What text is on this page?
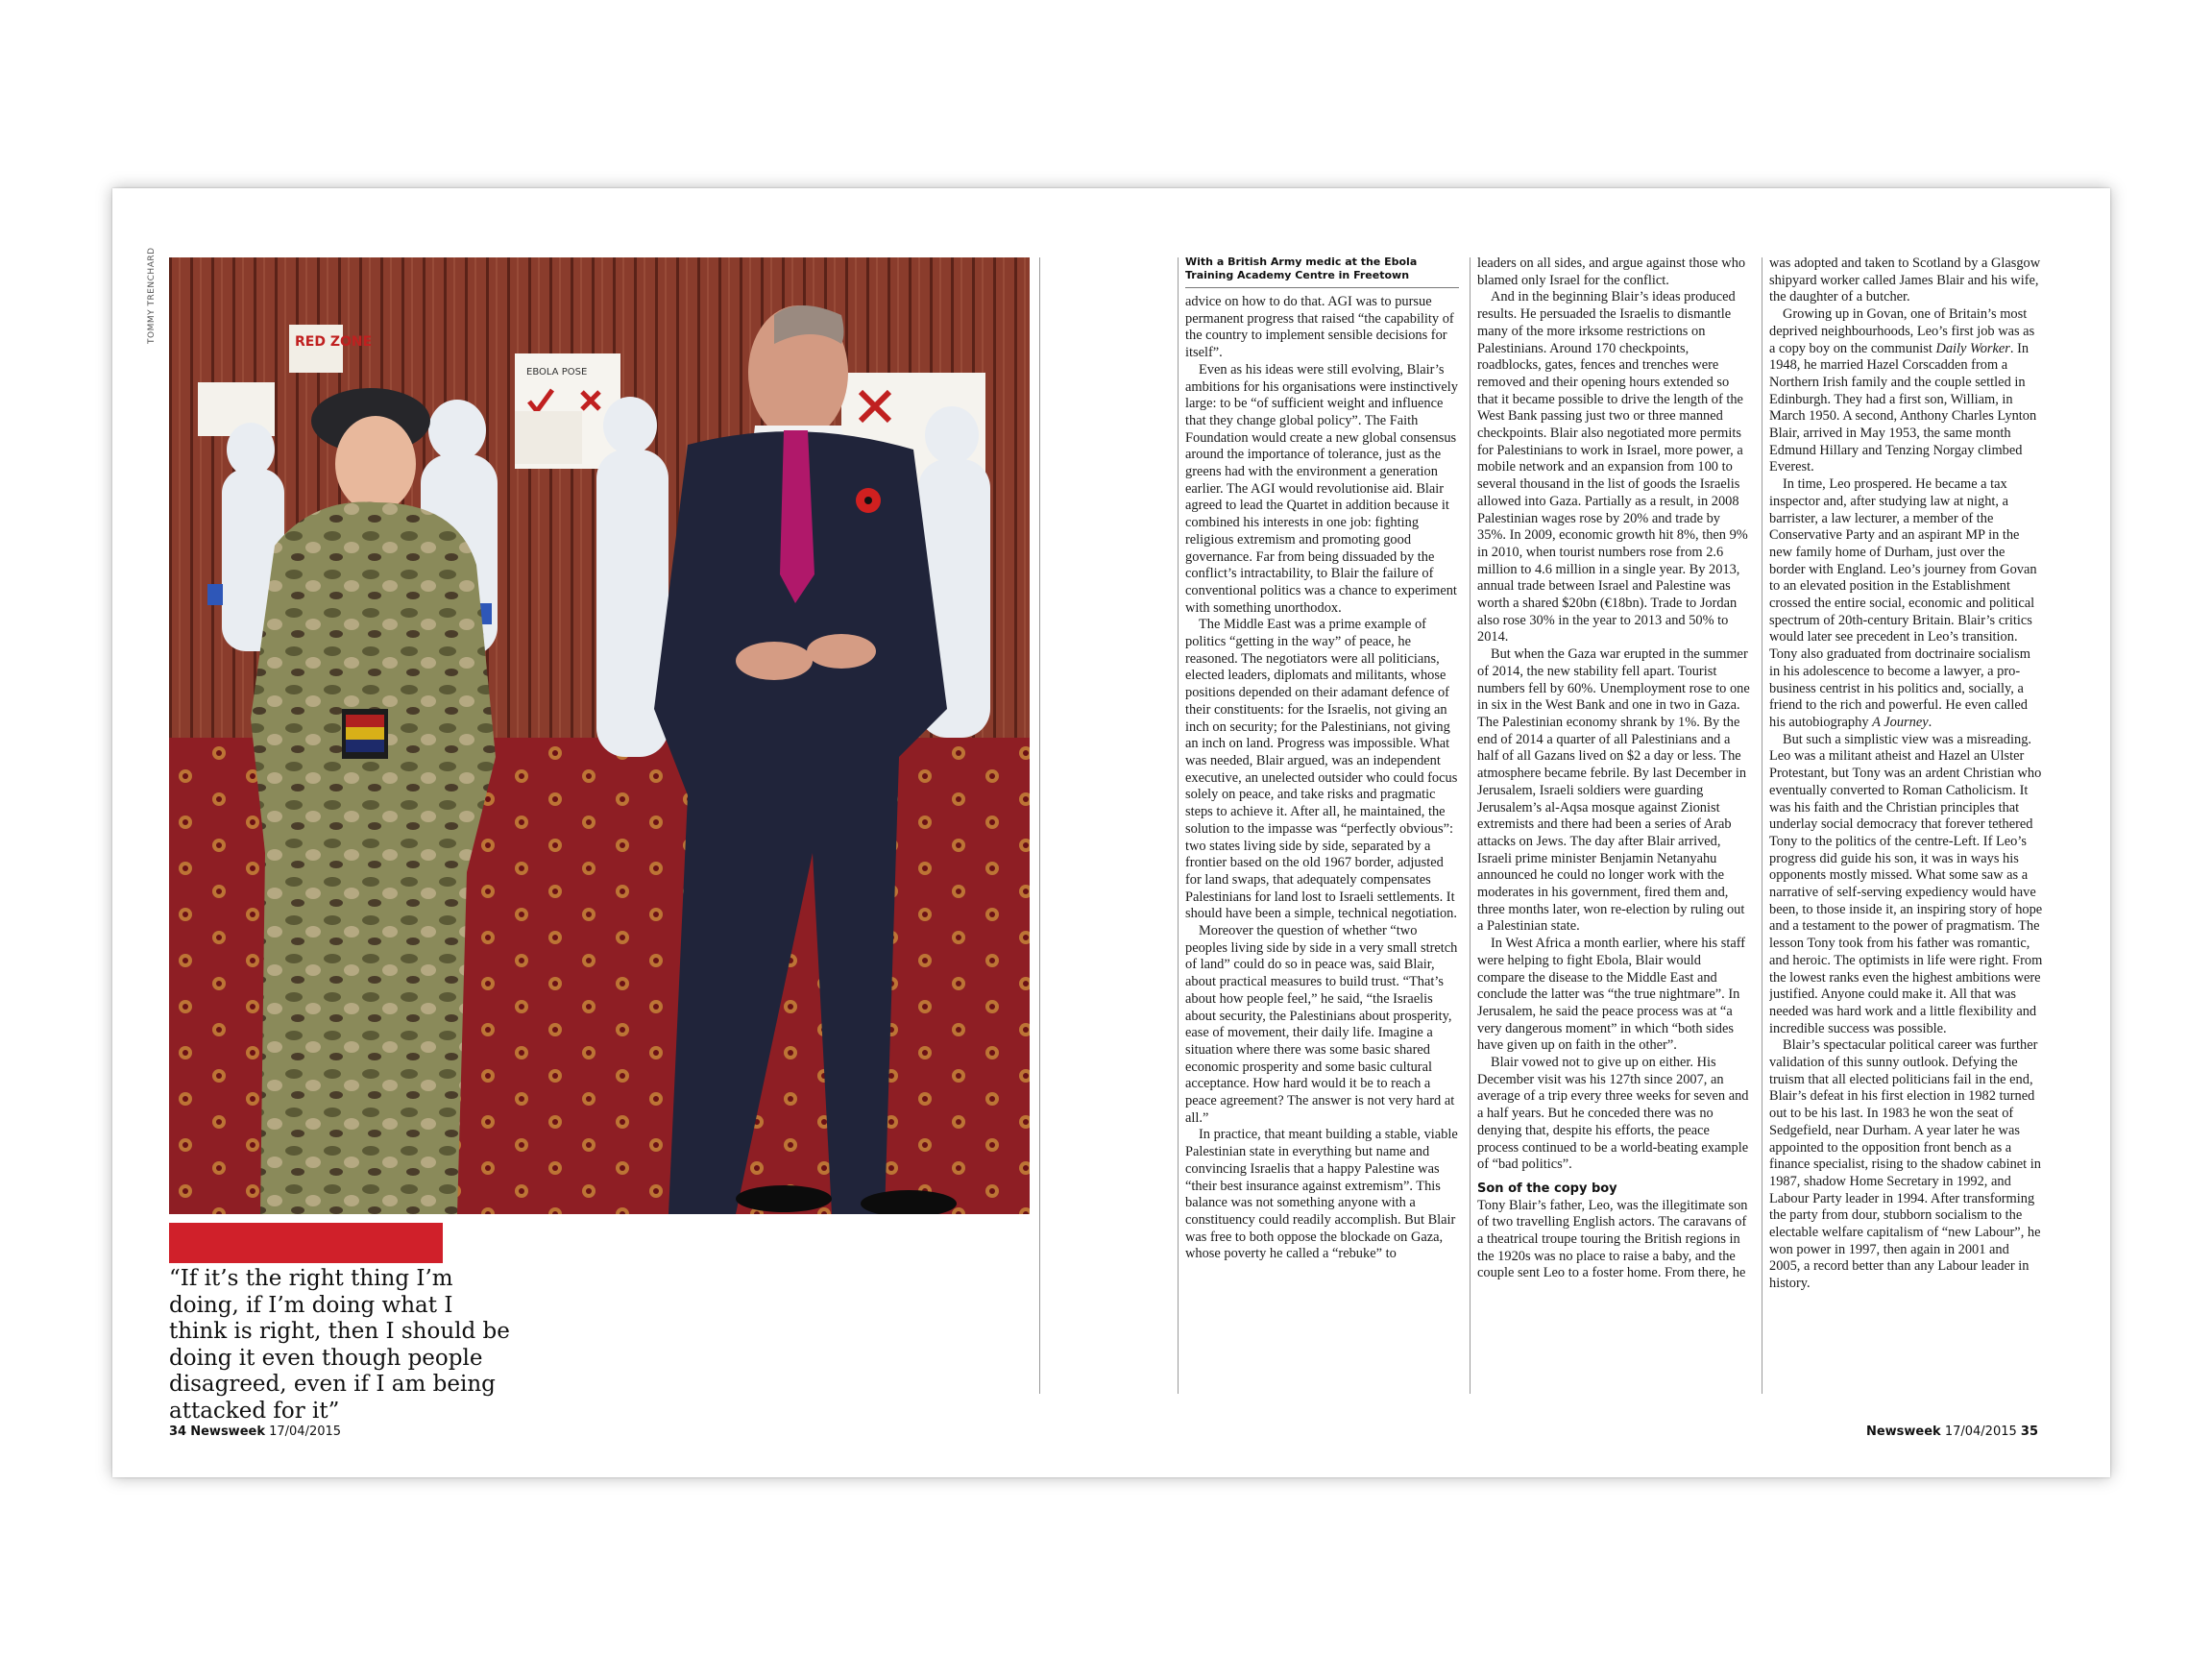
TOMMY TRENCHARD	RED ZONE
EBOLA POSE

“If it’s the right thing I’m doing, if I’m doing what I think is right, then I should be doing it even though people disagreed, even if I am being attacked for it”

With a British Army medic at the Ebola Training Academy Centre in Freetown

advice on how to do that. AGI was to pursue permanent progress that raised “the capability of the country to implement sensible decisions for itself”.

Even as his ideas were still evolving, Blair’s ambitions for his organisations were instinctively large: to be “of sufficient weight and influence that they change global policy”. The Faith Foundation would create a new global consensus around the importance of tolerance, just as the greens had with the environment a generation earlier. The AGI would revolutionise aid. Blair agreed to lead the Quartet in addition because it combined his interests in one job: fighting religious extremism and promoting good governance. Far from being dissuaded by the conflict’s intractability, to Blair the failure of conventional politics was a chance to experiment with something unorthodox.

The Middle East was a prime example of politics “getting in the way” of peace, he reasoned. The negotiators were all politicians, elected leaders, diplomats and militants, whose positions depended on their adamant defence of their constituents: for the Israelis, not giving an inch on security; for the Palestinians, not giving an inch on land. Progress was impossible. What was needed, Blair argued, was an independent executive, an unelected outsider who could focus solely on peace, and take risks and pragmatic steps to achieve it. After all, he maintained, the solution to the impasse was “perfectly obvious”: two states living side by side, separated by a frontier based on the old 1967 border, adjusted for land swaps, that adequately compensates Palestinians for land lost to Israeli settlements. It should have been a simple, technical negotiation.

Moreover the question of whether “two peoples living side by side in a very small stretch of land” could do so in peace was, said Blair, about practical measures to build trust. “That’s about how people feel,” he said, “the Israelis about security, the Palestinians about prosperity, ease of movement, their daily life. Imagine a situation where there was some basic shared economic prosperity and some basic cultural acceptance. How hard would it be to reach a peace agreement? The answer is not very hard at all.”

In practice, that meant building a stable, viable Palestinian state in everything but name and convincing Israelis that a happy Palestine was “their best insurance against extremism”. This balance was not something anyone with a constituency could readily accomplish. But Blair was free to both oppose the blockade on Gaza, whose poverty he called a “rebuke” to

leaders on all sides, and argue against those who blamed only Israel for the conflict.

And in the beginning Blair’s ideas produced results. He persuaded the Israelis to dismantle many of the more irksome restrictions on Palestinians. Around 170 checkpoints, roadblocks, gates, fences and trenches were removed and their opening hours extended so that it became possible to drive the length of the West Bank passing just two or three manned checkpoints. Blair also negotiated more permits for Palestinians to work in Israel, more power, a mobile network and an expansion from 100 to several thousand in the list of goods the Israelis allowed into Gaza. Partially as a result, in 2008 Palestinian wages rose by 20% and trade by 35%. In 2009, economic growth hit 8%, then 9% in 2010, when tourist numbers rose from 2.6 million to 4.6 million in a single year. By 2013, annual trade between Israel and Palestine was worth a shared $20bn (€18bn). Trade to Jordan also rose 30% in the year to 2013 and 50% to 2014.

But when the Gaza war erupted in the summer of 2014, the new stability fell apart. Tourist numbers fell by 60%. Unemployment rose to one in six in the West Bank and one in two in Gaza. The Palestinian economy shrank by 1%. By the end of 2014 a quarter of all Palestinians and a half of all Gazans lived on $2 a day or less. The atmosphere became febrile. By last December in Jerusalem, Israeli soldiers were guarding Jerusalem’s al-Aqsa mosque against Zionist extremists and there had been a series of Arab attacks on Jews. The day after Blair arrived, Israeli prime minister Benjamin Netanyahu announced he could no longer work with the moderates in his government, fired them and, three months later, won re-election by ruling out a Palestinian state.

In West Africa a month earlier, where his staff were helping to fight Ebola, Blair would compare the disease to the Middle East and conclude the latter was “the true nightmare”. In Jerusalem, he said the peace process was at “a very dangerous moment” in which “both sides have given up on faith in the other”.

Blair vowed not to give up on either. His December visit was his 127th since 2007, an average of a trip every three weeks for seven and a half years. But he conceded there was no denying that, despite his efforts, the peace process continued to be a world-beating example of “bad politics”.

Son of the copy boy

Tony Blair’s father, Leo, was the illegitimate son of two travelling English actors. The caravans of a theatrical troupe touring the British regions in the 1920s was no place to raise a baby, and the couple sent Leo to a foster home. From there, he

was adopted and taken to Scotland by a Glasgow shipyard worker called James Blair and his wife, the daughter of a butcher.

Growing up in Govan, one of Britain’s most deprived neighbourhoods, Leo’s first job was as a copy boy on the communist Daily Worker. In 1948, he married Hazel Corscadden from a Northern Irish family and the couple settled in Edinburgh. They had a first son, William, in March 1950. A second, Anthony Charles Lynton Blair, arrived in May 1953, the same month Edmund Hillary and Tenzing Norgay climbed Everest.

In time, Leo prospered. He became a tax inspector and, after studying law at night, a barrister, a law lecturer, a member of the Conservative Party and an aspirant MP in the new family home of Durham, just over the border with England. Leo’s journey from Govan to an elevated position in the Establishment crossed the entire social, economic and political spectrum of 20th-century Britain. Blair’s critics would later see precedent in Leo’s transition. Tony also graduated from doctrinaire socialism in his adolescence to become a lawyer, a pro-business centrist in his politics and, socially, a friend to the rich and powerful. He even called his autobiography A Journey.

But such a simplistic view was a misreading. Leo was a militant atheist and Hazel an Ulster Protestant, but Tony was an ardent Christian who eventually converted to Roman Catholicism. It was his faith and the Christian principles that underlay social democracy that forever tethered Tony to the politics of the centre-Left. If Leo’s progress did guide his son, it was in ways his opponents mostly missed. What some saw as a narrative of self-serving expediency would have been, to those inside it, an inspiring story of hope and a testament to the power of pragmatism. The lesson Tony took from his father was romantic, and heroic. The optimists in life were right. From the lowest ranks even the highest ambitions were justified. Anyone could make it. All that was needed was hard work and a little flexibility and incredible success was possible.

Blair’s spectacular political career was further validation of this sunny outlook. Defying the truism that all elected politicians fail in the end, Blair’s defeat in his first election in 1982 turned out to be his last. In 1983 he won the seat of Sedgefield, near Durham. A year later he was appointed to the opposition front bench as a finance specialist, rising to the shadow cabinet in 1987, shadow Home Secretary in 1992, and Labour Party leader in 1994. After transforming the party from dour, stubborn socialism to the electable welfare capitalism of “new Labour”, he won power in 1997, then again in 2001 and 2005, a record better than any Labour leader in history.

34 Newsweek 17/04/2015	Newsweek 17/04/2015 35
